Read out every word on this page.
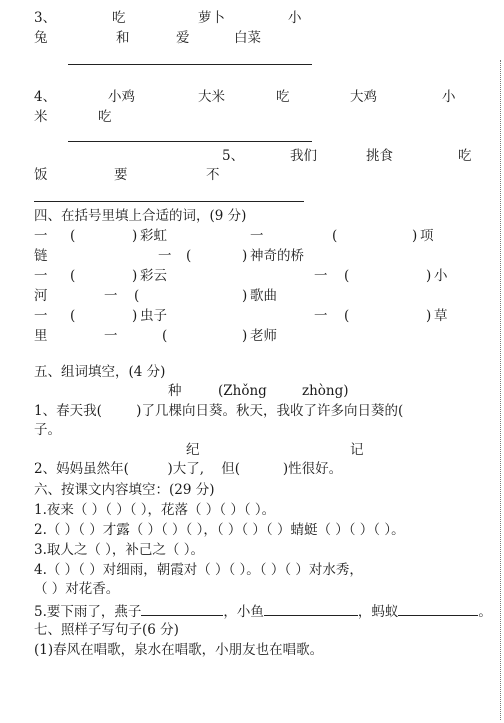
3、	吃	萝卜	小
兔	和	爱	白菜
4、	小鸡	大米	吃	大鸡	小
米	吃
5、	我们	挑食	吃
饭	要	不
四、在括号里填上合适的词，(9 分)
一 (	) 彩虹	一	(	) 项
链	一 (	) 神奇的桥
一 (	) 彩云	一 (	) 小
河	一 (	) 歌曲
一 (	) 虫子	一 (	) 草
里	一	(	) 老师
五、组词填空，(4 分)
种	(Zhǒng	zhòng)
1、春天我(        )了几棵向日葵。秋天，我收了许多向日葵的(
子。
纪	记
2、妈妈虽然年(         )大了,    但(          )性很好。
六、按课文内容填空：(29 分)
1.夜来（ ）（ ）（ ），花落（ ）（ ）（ ）。
2.（ ）（ ）才露（ ）（ ）（ ），（ ）（ ）（ ）蜻蜓（ ）（ ）（ ）。
3.取人之（ ），补己之（ ）。
4.（ ）（ ）对细雨，朝霞对（ ）（ ）。（ ）（ ）对水秀，
（ ）对花香。
5.要下雨了，燕子	，小鱼	，蚂蚁	。
七、照样子写句子(6 分)
(1)春风在唱歌，泉水在唱歌，小朋友也在唱歌。
